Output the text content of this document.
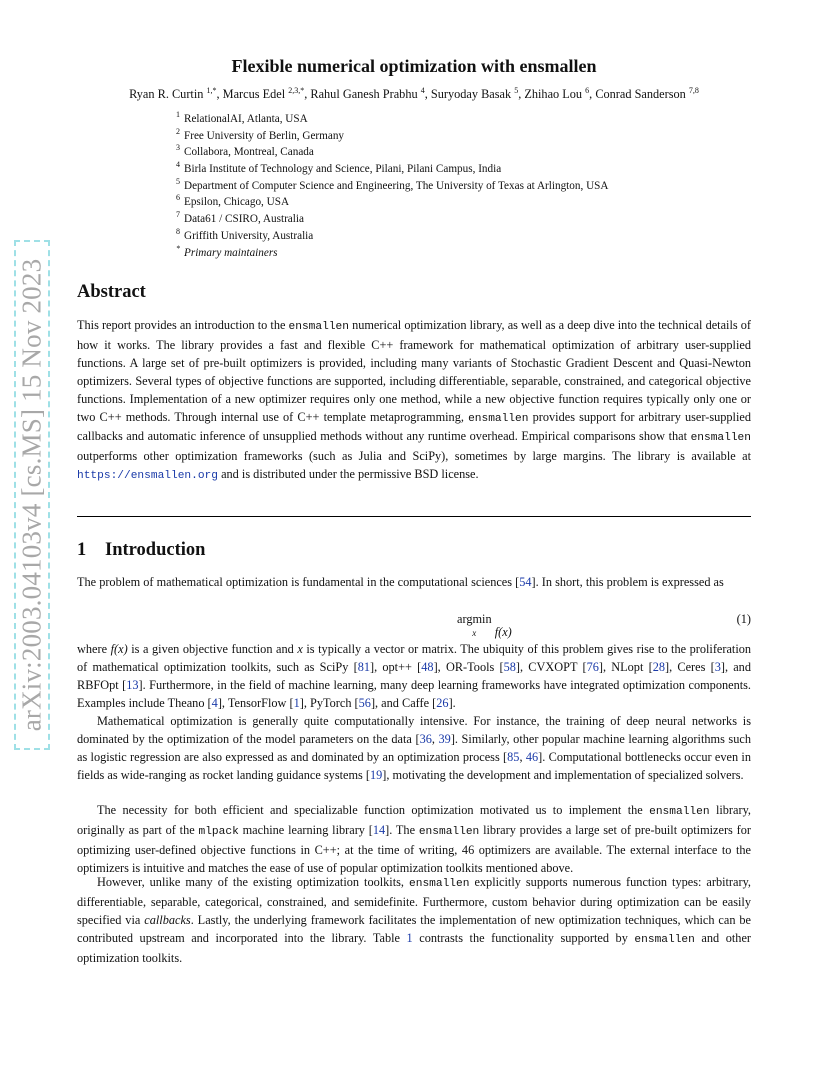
arXiv:2003.04103v4 [cs.MS] 15 Nov 2023
Flexible numerical optimization with ensmallen
Ryan R. Curtin $^{1,*}$, Marcus Edel $^{2,3,*}$, Rahul Ganesh Prabhu $^4$, Suryoday Basak $^5$, Zhihao Lou $^6$, Conrad Sanderson $^{7,8}$
$^1$ RelationalAI, Atlanta, USA
$^2$ Free University of Berlin, Germany
$^3$ Collabora, Montreal, Canada
$^4$ Birla Institute of Technology and Science, Pilani, Pilani Campus, India
$^5$ Department of Computer Science and Engineering, The University of Texas at Arlington, USA
$^6$ Epsilon, Chicago, USA
$^7$ Data61 / CSIRO, Australia
$^8$ Griffith University, Australia
* Primary maintainers
Abstract

This report provides an introduction to the ensmallen numerical optimization library, as well as a deep dive into the technical details of how it works. The library provides a fast and flexible C++ framework for mathematical optimization of arbitrary user-supplied functions. A large set of pre-built optimizers is provided, including many variants of Stochastic Gradient Descent and Quasi-Newton optimizers. Several types of objective functions are supported, including differentiable, separable, constrained, and categorical objective functions. Implementation of a new optimizer requires only one method, while a new objective function requires typically only one or two C++ methods. Through internal use of C++ template metaprogramming, ensmallen provides support for arbitrary user-supplied callbacks and automatic inference of unsupplied methods without any runtime overhead. Empirical comparisons show that ensmallen outperforms other optimization frameworks (such as Julia and SciPy), sometimes by large margins. The library is available at https://ensmallen.org and is distributed under the permissive BSD license.

1 Introduction

The problem of mathematical optimization is fundamental in the computational sciences [54]. In short, this problem is expressed as

argmin
x	f(x)
(1)

where f(x) is a given objective function and x is typically a vector or matrix. The ubiquity of this problem gives rise to the proliferation of mathematical optimization toolkits, such as SciPy [81], opt++ [48], OR-Tools [58], CVXOPT [76], NLopt [28], Ceres [3], and RBFOpt [13]. Furthermore, in the field of machine learning, many deep learning frameworks have integrated optimization components. Examples include Theano [4], TensorFlow [1], PyTorch [56], and Caffe [26].

Mathematical optimization is generally quite computationally intensive. For instance, the training of deep neural networks is dominated by the optimization of the model parameters on the data [36, 39]. Similarly, other popular machine learning algorithms such as logistic regression are also expressed as and dominated by an optimization process [85, 46]. Computational bottlenecks occur even in fields as wide-ranging as rocket landing guidance systems [19], motivating the development and implementation of specialized solvers.

The necessity for both efficient and specializable function optimization motivated us to implement the ensmallen library, originally as part of the mlpack machine learning library [14]. The ensmallen library provides a large set of pre-built optimizers for optimizing user-defined objective functions in C++; at the time of writing, 46 optimizers are available. The external interface to the optimizers is intuitive and matches the ease of use of popular optimization toolkits mentioned above.

However, unlike many of the existing optimization toolkits, ensmallen explicitly supports numerous function types: arbitrary, differentiable, separable, categorical, constrained, and semidefinite. Furthermore, custom behavior during optimization can be easily specified via callbacks. Lastly, the underlying framework facilitates the implementation of new optimization techniques, which can be contributed upstream and incorporated into the library. Table 1 contrasts the functionality supported by ensmallen and other optimization toolkits.
